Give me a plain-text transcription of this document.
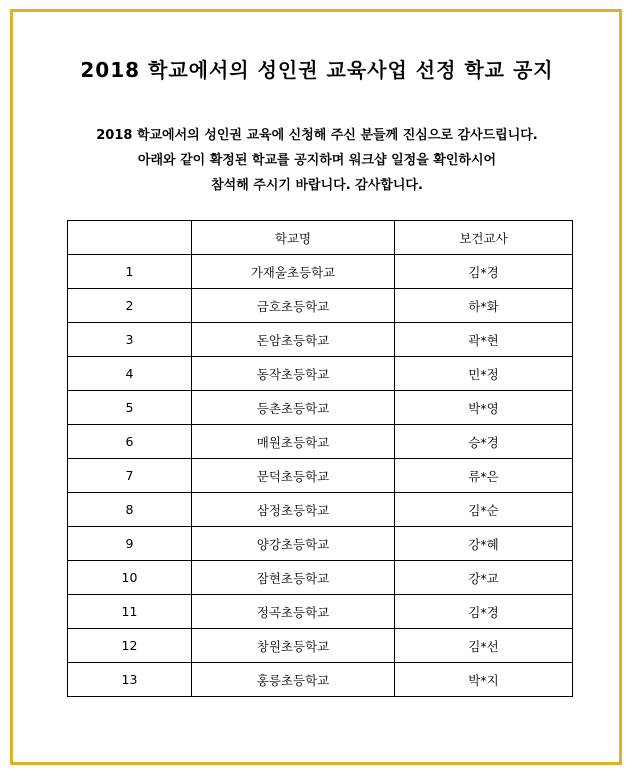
2018 학교에서의 성인권 교육사업 선정 학교 공지
2018 학교에서의 성인권 교육에 신청해 주신 분들께 진심으로 감사드립니다.
아래와 같이 확정된 학교를 공지하며 워크샵 일정을 확인하시어
참석해 주시기 바랍니다. 감사합니다.
	학교명	보건교사
1	가재울초등학교	김*경
2	금호초등학교	하*화
3	돈암초등학교	곽*현
4	동작초등학교	민*정
5	등촌초등학교	박*영
6	매원초등학교	승*경
7	문덕초등학교	류*은
8	삼정초등학교	김*순
9	양강초등학교	강*혜
10	잠현초등학교	강*교
11	정곡초등학교	김*경
12	창원초등학교	김*선
13	홍릉초등학교	박*지
